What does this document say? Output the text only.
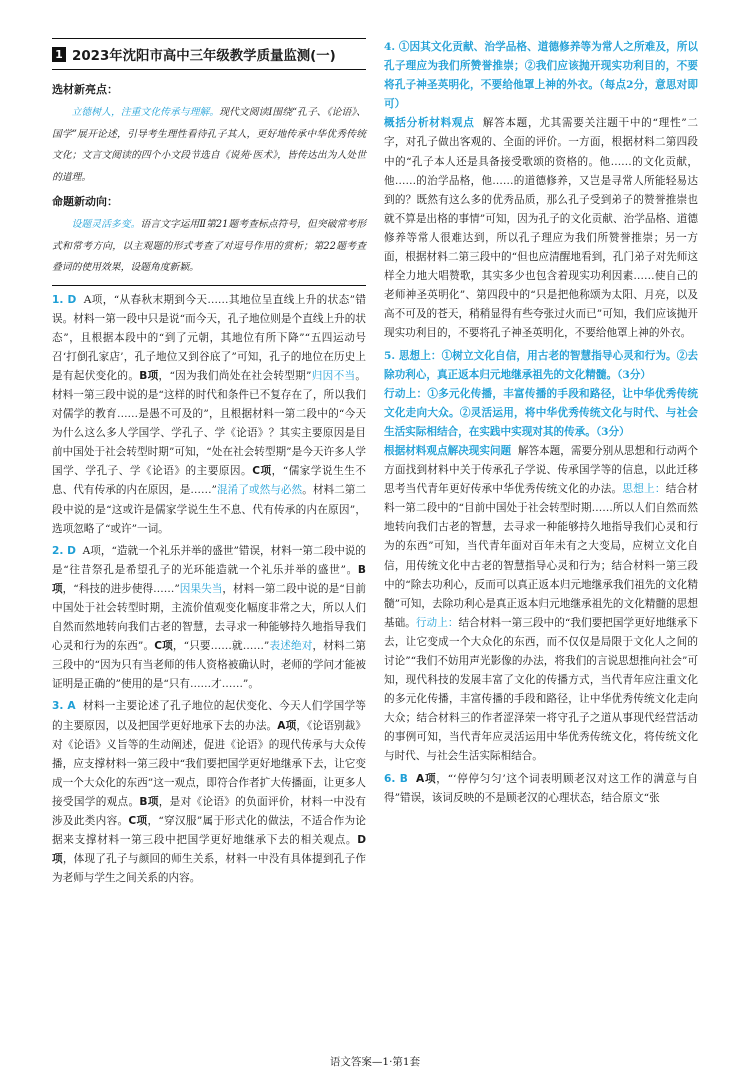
1 2023年沈阳市高中三年级教学质量监测(一)
选材新亮点：

立德树人，注重文化传承与理解。现代文阅读Ⅰ围绕“孔子、《论语》、国学”展开论述，引导考生理性看待孔子其人，更好地传承中华优秀传统文化；文言文阅读的四个小文段节选自《说苑·医术》，皆传达出为人处世的道理。

命题新动向：

设题灵活多变。语言文字运用Ⅱ第21题考查标点符号，但突破常考形式和常考方向，以主观题的形式考查了对逗号作用的赏析；第22题考查叠词的使用效果，设题角度新颖。

1. D A项，“从春秋末期到今天……其地位呈直线上升的状态”错误。材料一第一段中只是说“而今天，孔子地位则是个直线上升的状态”，且根据本段中的“到了元朝，其地位有所下降”“五四运动号召‘打倒孔家店’，孔子地位又到谷底了”可知，孔子的地位在历史上是有起伏变化的。B项，“因为我们尚处在社会转型期”归因不当。材料一第三段中说的是“这样的时代和条件已不复存在了，所以我们对儒学的教育……是愚不可及的”，且根据材料一第二段中的“今天为什么这么多人学国学、学孔子、学《论语》？其实主要原因是目前中国处于社会转型时期”可知，“处在社会转型期”是今天许多人学国学、学孔子、学《论语》的主要原因。C项，“儒家学说生生不息、代有传承的内在原因，是……”混淆了或然与必然。材料二第二段中说的是“这或许是儒家学说生生不息、代有传承的内在原因”，选项忽略了“或许”一词。

2. D A项，“造就一个礼乐并举的盛世”错误，材料一第二段中说的是“往昔祭孔是希望孔子的光环能造就一个礼乐并举的盛世”。B项，“科技的进步使得……”因果失当，材料一第二段中说的是“目前中国处于社会转型时期，主流价值观变化幅度非常之大，所以人们自然而然地转向我们古老的智慧，去寻求一种能够持久地指导我们心灵和行为的东西”。C项，“只要……就……”表述绝对，材料二第三段中的“因为只有当老师的伟人资格被确认时，老师的学问才能被证明是正确的”使用的是“只有……才……”。

3. A 材料一主要论述了孔子地位的起伏变化、今天人们学国学等的主要原因，以及把国学更好地承下去的办法。A项，《论语别裁》对《论语》义旨等的生动阐述，促进《论语》的现代传承与大众传播，应支撑材料一第三段中“我们要把国学更好地继承下去，让它变成一个大众化的东西”这一观点，即符合作者扩大传播面，让更多人接受国学的观点。B项，是对《论语》的负面评价，材料一中没有涉及此类内容。C项，“穿汉服”属于形式化的做法，不适合作为论据来支撑材料一第三段中把国学更好地继承下去的相关观点。D项，体现了孔子与颜回的师生关系，材料一中没有具体提到孔子作为老师与学生之间关系的内容。

4. ①因其文化贡献、治学品格、道德修养等为常人之所难及，所以孔子理应为我们所赞誉推崇；②我们应该抛开现实功利目的，不要将孔子神圣英明化，不要给他罩上神的外衣。（每点2分，意思对即可）

概括分析材料观点 解答本题，尤其需要关注题干中的“理性”二字，对孔子做出客观的、全面的评价。一方面，根据材料二第四段中的“孔子本人还是具备接受歌颂的资格的。他……的文化贡献，他……的治学品格，他……的道德修养，又岂是寻常人所能轻易达到的？既然有这么多的优秀品质，那么孔子受到弟子的赞誉推崇也就不算是出格的事情”可知，因为孔子的文化贡献、治学品格、道德修养等常人很难达到，所以孔子理应为我们所赞誉推崇；另一方面，根据材料二第三段中的“但也应清醒地看到，孔门弟子对先师这样全力地大唱赞歌，其实多少也包含着现实功利因素……使自己的老师神圣英明化”、第四段中的“只是把他称颂为太阳、月亮，以及高不可及的苍天，稍稍显得有些夸张过火而已”可知，我们应该抛开现实功利目的，不要将孔子神圣英明化，不要给他罩上神的外衣。

5. 思想上：①树立文化自信，用古老的智慧指导心灵和行为。②去除功利心，真正返本归元地继承祖先的文化精髓。（3分）

行动上：①多元化传播，丰富传播的手段和路径，让中华优秀传统文化走向大众。②灵活运用，将中华优秀传统文化与时代、与社会生活实际相结合，在实践中实现对其的传承。（3分）

根据材料观点解决现实问题 解答本题，需要分别从思想和行动两个方面找到材料中关于传承孔子学说、传承国学等的信息，以此迁移思考当代青年更好传承中华优秀传统文化的办法。思想上：结合材料一第二段中的“目前中国处于社会转型时期……所以人们自然而然地转向我们古老的智慧，去寻求一种能够持久地指导我们心灵和行为的东西”可知，当代青年面对百年未有之大变局，应树立文化自信，用传统文化中古老的智慧指导心灵和行为；结合材料一第三段中的“除去功利心，反而可以真正返本归元地继承我们祖先的文化精髓”可知，去除功利心是真正返本归元地继承祖先的文化精髓的思想基础。行动上：结合材料一第三段中的“我们要把国学更好地继承下去，让它变成一个大众化的东西，而不仅仅是局限于文化人之间的讨论”“我们不妨用声光影像的办法，将我们的言说思想推向社会”可知，现代科技的发展丰富了文化的传播方式，当代青年应注重文化的多元化传播，丰富传播的手段和路径，让中华优秀传统文化走向大众；结合材料三的作者涩泽荣一将守孔子之道从事现代经营活动的事例可知，当代青年应灵活运用中华优秀传统文化，将传统文化与时代、与社会生活实际相结合。

6. B A项，“‘停停匀匀’这个词表明顾老汉对这工作的满意与自得”错误，该词反映的不是顾老汉的心理状态，结合原文“张

语文答案—1·第1套
